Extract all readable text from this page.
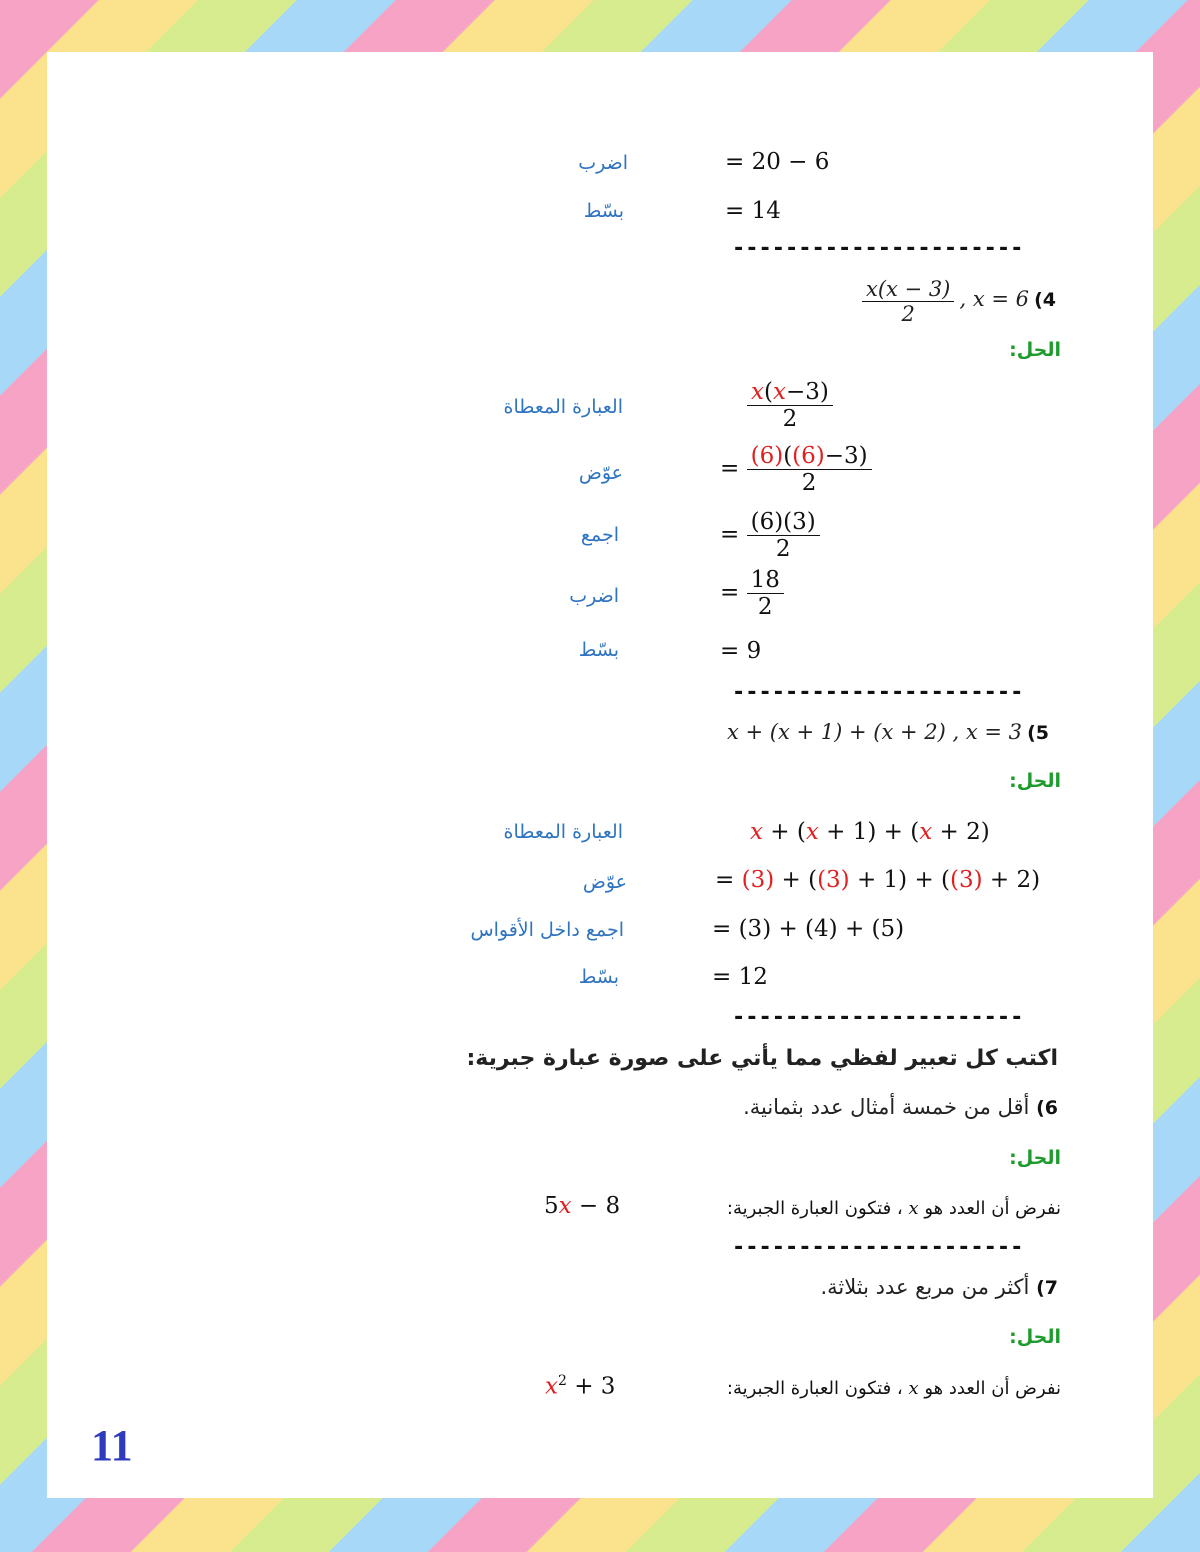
اضرب	= 20 − 6
بسّط	= 14
----------------------
$\frac{x(x - 3)}{2}$ , x = 6 (4
الحل:
العبارة المعطاة	$\frac{x(x-3)}{2}$
عوّض	= $\frac{(6)((6)-3)}{2}$
اجمع	= $\frac{(6)(3)}{2}$
اضرب	= $\frac{18}{2}$
بسّط	= 9
----------------------
x + (x + 1) + (x + 2) , x = 3 (5
الحل:
العبارة المعطاة	x + (x + 1) + (x + 2)
عوّض	= (3) + ((3) + 1) + ((3) + 2)
اجمع داخل الأقواس	= (3) + (4) + (5)
بسّط	= 12
----------------------
اكتب كل تعبير لفظي مما يأتي على صورة عبارة جبرية:
6) أقل من خمسة أمثال عدد بثمانية.
الحل:
نفرض أن العدد هو x ، فتكون العبارة الجبرية:
5x − 8
----------------------
7) أكثر من مربع عدد بثلاثة.
الحل:
نفرض أن العدد هو x ، فتكون العبارة الجبرية:
$x^2 + 3$
11
